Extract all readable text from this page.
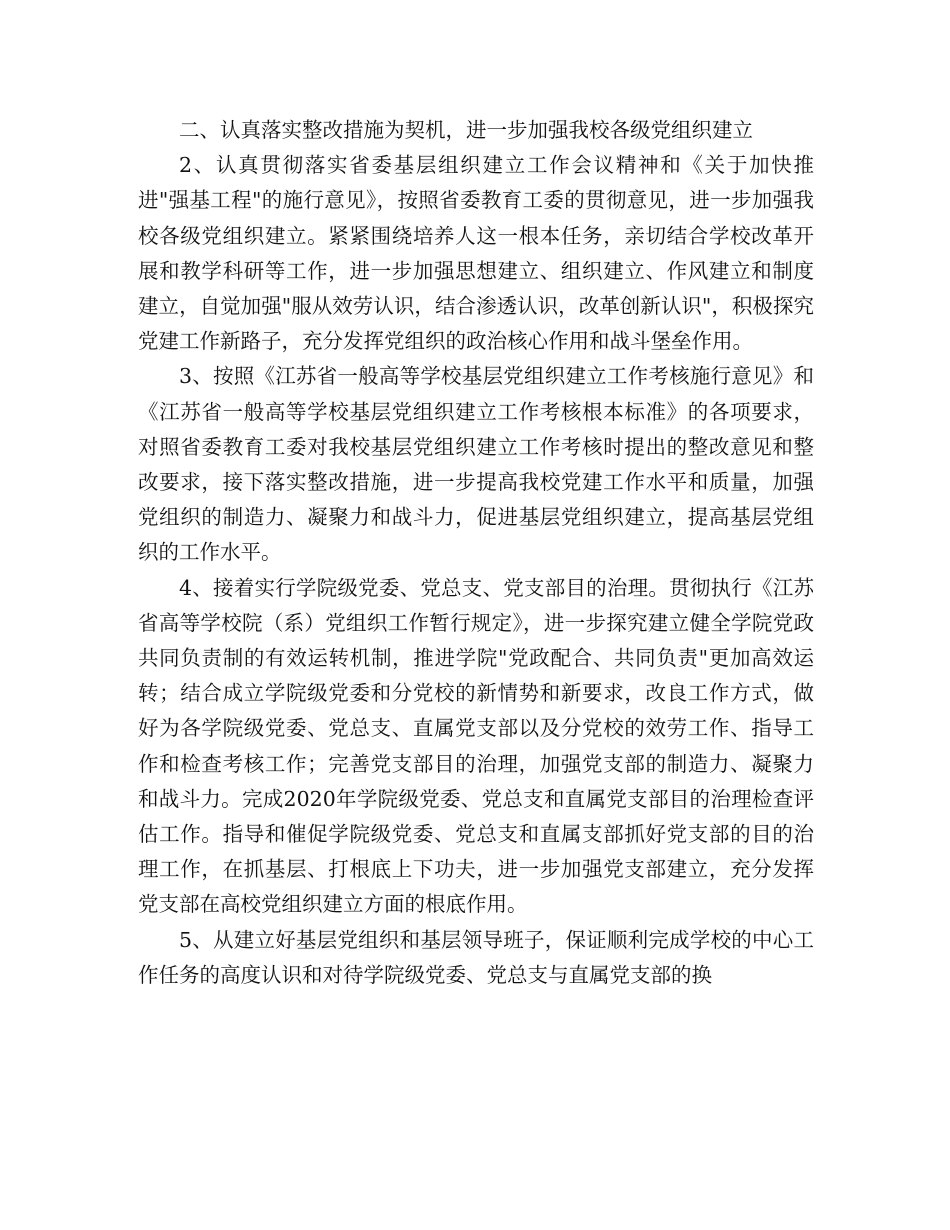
二、认真落实整改措施为契机，进一步加强我校各级党组织建立

2、认真贯彻落实省委基层组织建立工作会议精神和《关于加快推进"强基工程"的施行意见》，按照省委教育工委的贯彻意见，进一步加强我校各级党组织建立。紧紧围绕培养人这一根本任务，亲切结合学校改革开展和教学科研等工作，进一步加强思想建立、组织建立、作风建立和制度建立，自觉加强"服从效劳认识，结合渗透认识，改革创新认识"，积极探究党建工作新路子，充分发挥党组织的政治核心作用和战斗堡垒作用。

3、按照《江苏省一般高等学校基层党组织建立工作考核施行意见》和《江苏省一般高等学校基层党组织建立工作考核根本标准》的各项要求，对照省委教育工委对我校基层党组织建立工作考核时提出的整改意见和整改要求，接下落实整改措施，进一步提高我校党建工作水平和质量，加强党组织的制造力、凝聚力和战斗力，促进基层党组织建立，提高基层党组织的工作水平。

4、接着实行学院级党委、党总支、党支部目的治理。贯彻执行《江苏省高等学校院（系）党组织工作暂行规定》，进一步探究建立健全学院党政共同负责制的有效运转机制，推进学院"党政配合、共同负责"更加高效运转；结合成立学院级党委和分党校的新情势和新要求，改良工作方式，做好为各学院级党委、党总支、直属党支部以及分党校的效劳工作、指导工作和检查考核工作；完善党支部目的治理，加强党支部的制造力、凝聚力和战斗力。完成2020年学院级党委、党总支和直属党支部目的治理检查评估工作。指导和催促学院级党委、党总支和直属支部抓好党支部的目的治理工作，在抓基层、打根底上下功夫，进一步加强党支部建立，充分发挥党支部在高校党组织建立方面的根底作用。

5、从建立好基层党组织和基层领导班子，保证顺利完成学校的中心工作任务的高度认识和对待学院级党委、党总支与直属党支部的换
